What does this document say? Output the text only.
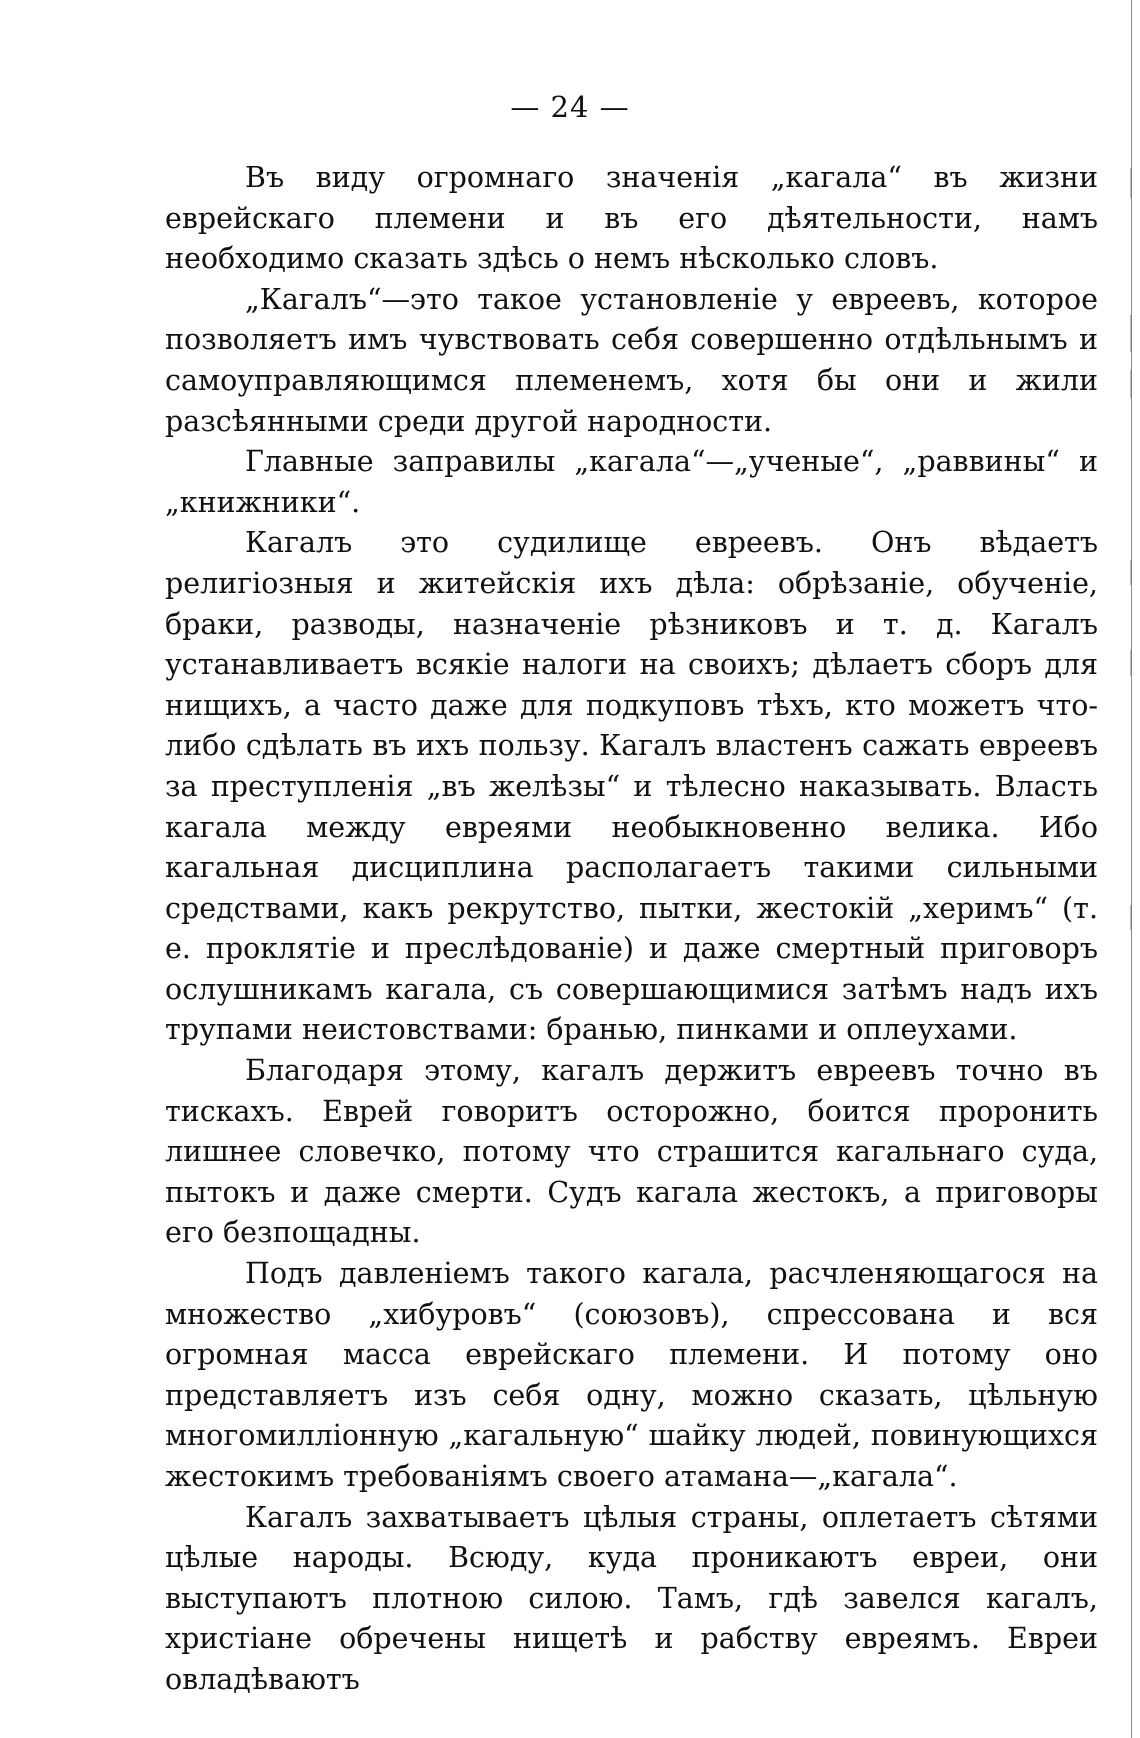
— 24 —

Въ виду огромнаго значенія „кагала“ въ жизни еврейскаго племени и въ его дѣятельности, намъ необходимо сказать здѣсь о немъ нѣсколько словъ.

„Кагалъ“—это такое установленіе у евреевъ, которое позволяетъ имъ чувствовать себя совершенно отдѣльнымъ и самоуправляющимся племенемъ, хотя бы они и жили разсѣянными среди другой народности.

Главные заправилы „кагала“—„ученые“, „раввины“ и „книжники“.

Кагалъ это судилище евреевъ. Онъ вѣдаетъ религіозныя и житейскія ихъ дѣла: обрѣзаніе, обученіе, браки, разводы, назначеніе рѣзниковъ и т. д. Кагалъ устанавливаетъ всякіе налоги на своихъ; дѣлаетъ сборъ для нищихъ, а часто даже для подкуповъ тѣхъ, кто можетъ что-либо сдѣлать въ ихъ пользу. Кагалъ властенъ сажать евреевъ за преступленія „въ желѣзы“ и тѣлесно наказывать. Власть кагала между евреями необыкновенно велика. Ибо кагальная дисциплина располагаетъ такими сильными средствами, какъ рекрутство, пытки, жестокій „херимъ“ (т. е. проклятіе и преслѣдованіе) и даже смертный приговоръ ослушникамъ кагала, съ совершающимися затѣмъ надъ ихъ трупами неистовствами: бранью, пинками и оплеухами.

Благодаря этому, кагалъ держитъ евреевъ точно въ тискахъ. Еврей говоритъ осторожно, боится проронить лишнее словечко, потому что страшится кагальнаго суда, пытокъ и даже смерти. Судъ кагала жестокъ, а приговоры его безпощадны.

Подъ давленіемъ такого кагала, расчленяющагося на множество „хибуровъ“ (союзовъ), спрессована и вся огромная масса еврейскаго племени. И потому оно представляетъ изъ себя одну, можно сказать, цѣльную многомилліонную „кагальную“ шайку людей, повинующихся жестокимъ требованіямъ своего атамана—„кагала“.

Кагалъ захватываетъ цѣлыя страны, оплетаетъ сѣтями цѣлые народы. Всюду, куда проникаютъ евреи, они выступаютъ плотною силою. Тамъ, гдѣ завелся кагалъ, христіане обречены нищетѣ и рабству евреямъ. Евреи овладѣваютъ
